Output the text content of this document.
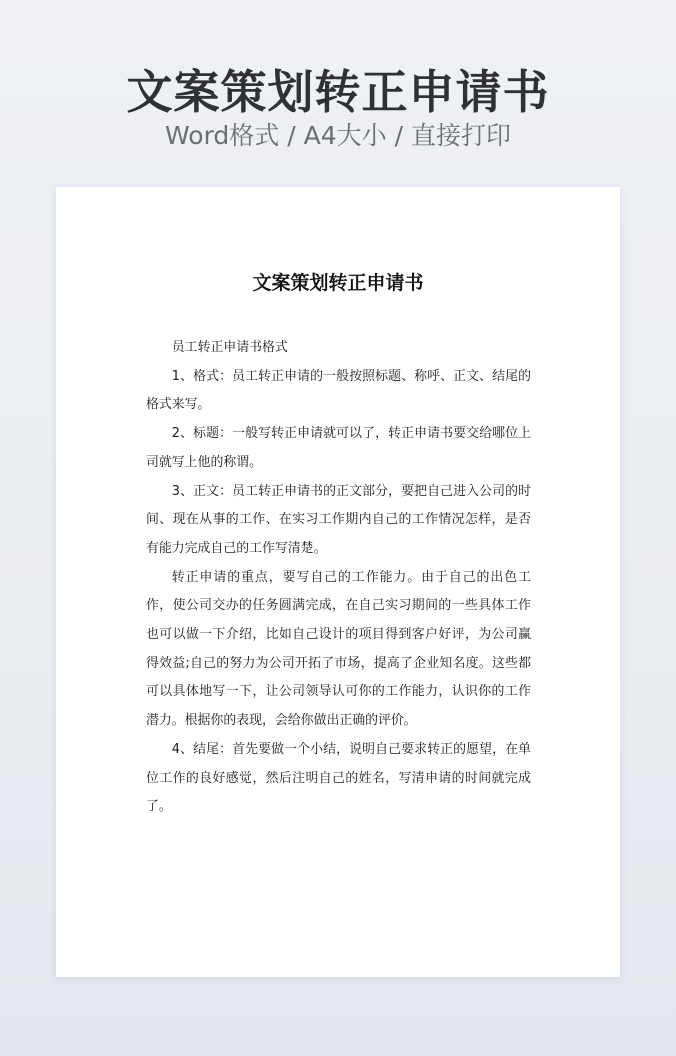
文案策划转正申请书
Word格式 / A4大小 / 直接打印
文案策划转正申请书

员工转正申请书格式

1、格式：员工转正申请的一般按照标题、称呼、正文、结尾的格式来写。

2、标题：一般写转正申请就可以了，转正申请书要交给哪位上司就写上他的称谓。

3、正文：员工转正申请书的正文部分，要把自己进入公司的时间、现在从事的工作、在实习工作期内自己的工作情况怎样，是否有能力完成自己的工作写清楚。

转正申请的重点，要写自己的工作能力。由于自己的出色工作，使公司交办的任务圆满完成，在自己实习期间的一些具体工作也可以做一下介绍，比如自己设计的项目得到客户好评，为公司赢得效益;自己的努力为公司开拓了市场，提高了企业知名度。这些都可以具体地写一下，让公司领导认可你的工作能力，认识你的工作潜力。根据你的表现，会给你做出正确的评价。

4、结尾：首先要做一个小结，说明自己要求转正的愿望，在单位工作的良好感觉，然后注明自己的姓名，写清申请的时间就完成了。
